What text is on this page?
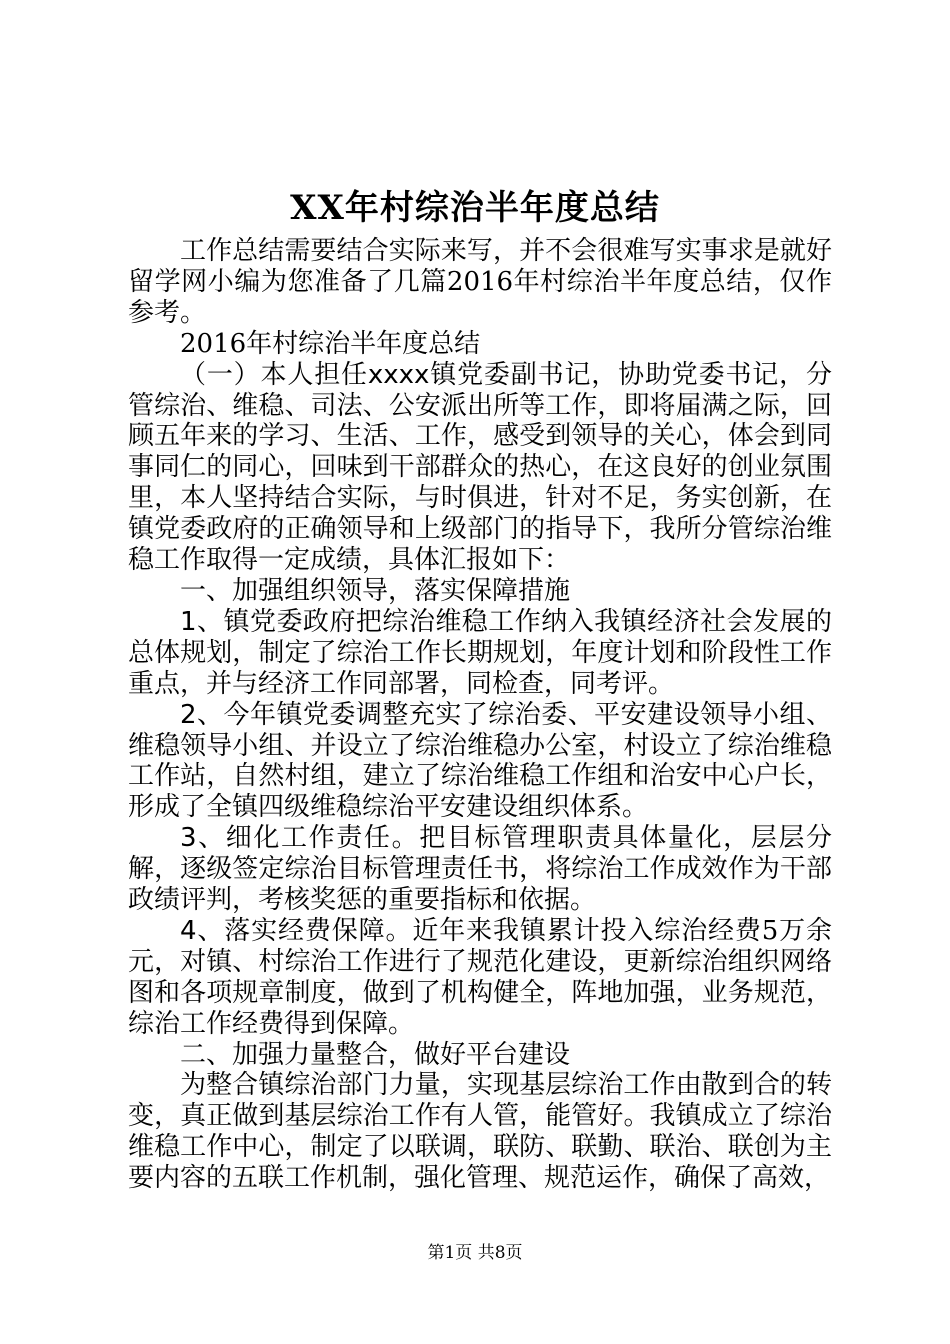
XX年村综治半年度总结

工作总结需要结合实际来写，并不会很难写实事求是就好留学网小编为您准备了几篇2016年村综治半年度总结，仅作参考。

2016年村综治半年度总结

（一）本人担任xxxx镇党委副书记，协助党委书记，分管综治、维稳、司法、公安派出所等工作，即将届满之际，回顾五年来的学习、生活、工作，感受到领导的关心，体会到同事同仁的同心，回味到干部群众的热心，在这良好的创业氛围里，本人坚持结合实际，与时俱进，针对不足，务实创新，在镇党委政府的正确领导和上级部门的指导下，我所分管综治维稳工作取得一定成绩，具体汇报如下：

一、加强组织领导，落实保障措施

1、镇党委政府把综治维稳工作纳入我镇经济社会发展的总体规划，制定了综治工作长期规划，年度计划和阶段性工作重点，并与经济工作同部署，同检查，同考评。

2、今年镇党委调整充实了综治委、平安建设领导小组、维稳领导小组、并设立了综治维稳办公室，村设立了综治维稳工作站，自然村组，建立了综治维稳工作组和治安中心户长，形成了全镇四级维稳综治平安建设组织体系。

3、细化工作责任。把目标管理职责具体量化，层层分解，逐级签定综治目标管理责任书，将综治工作成效作为干部政绩评判，考核奖惩的重要指标和依据。

4、落实经费保障。近年来我镇累计投入综治经费5万余元，对镇、村综治工作进行了规范化建设，更新综治组织网络图和各项规章制度，做到了机构健全，阵地加强，业务规范，综治工作经费得到保障。

二、加强力量整合，做好平台建设

为整合镇综治部门力量，实现基层综治工作由散到合的转变，真正做到基层综治工作有人管，能管好。我镇成立了综治维稳工作中心，制定了以联调，联防、联勤、联治、联创为主要内容的五联工作机制，强化管理、规范运作，确保了高效，

第1页 共8页
